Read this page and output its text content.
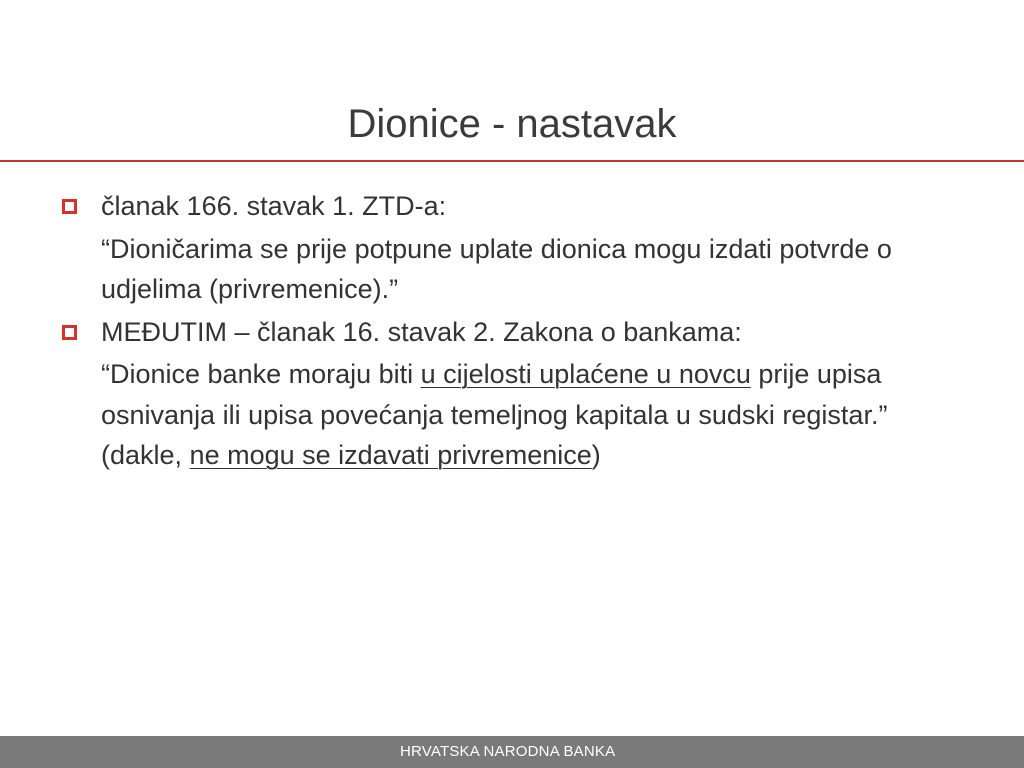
Dionice - nastavak
članak 166. stavak 1. ZTD-a:
“Dioničarima se prije potpune uplate dionica mogu izdati potvrde o udjelima (privremenice).”
MEĐUTIM – članak 16. stavak 2. Zakona o bankama:
“Dionice banke moraju biti u cijelosti uplaćene u novcu prije upisa osnivanja ili upisa povećanja temeljnog kapitala u sudski registar.” (dakle, ne mogu se izdavati privremenice)
HRVATSKA NARODNA BANKA
